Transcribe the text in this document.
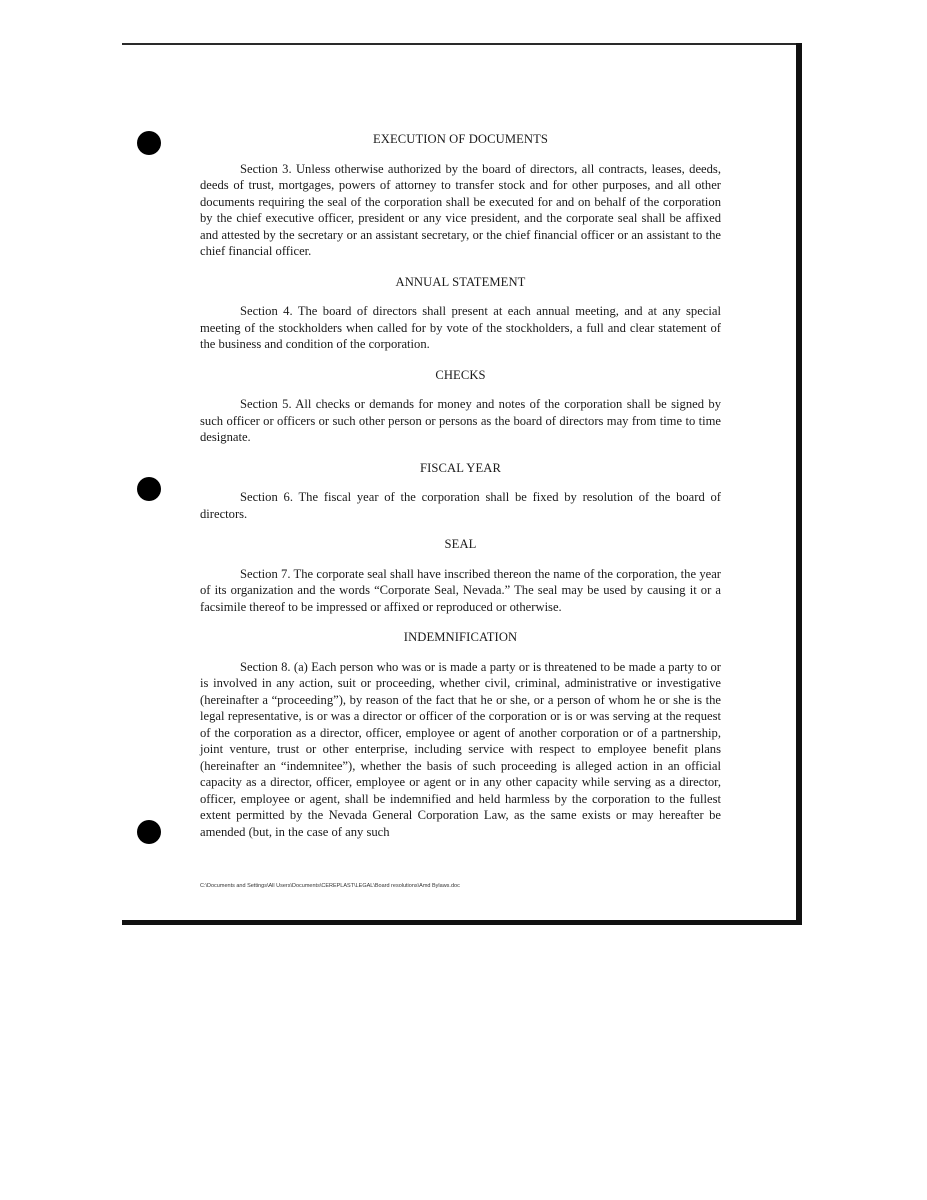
EXECUTION OF DOCUMENTS

Section 3. Unless otherwise authorized by the board of directors, all contracts, leases, deeds, deeds of trust, mortgages, powers of attorney to transfer stock and for other purposes, and all other documents requiring the seal of the corporation shall be executed for and on behalf of the corporation by the chief executive officer, president or any vice president, and the corporate seal shall be affixed and attested by the secretary or an assistant secretary, or the chief financial officer or an assistant to the chief financial officer.

ANNUAL STATEMENT

Section 4. The board of directors shall present at each annual meeting, and at any special meeting of the stockholders when called for by vote of the stockholders, a full and clear statement of the business and condition of the corporation.

CHECKS

Section 5. All checks or demands for money and notes of the corporation shall be signed by such officer or officers or such other person or persons as the board of directors may from time to time designate.

FISCAL YEAR

Section 6. The fiscal year of the corporation shall be fixed by resolution of the board of directors.

SEAL

Section 7. The corporate seal shall have inscribed thereon the name of the corporation, the year of its organization and the words “Corporate Seal, Nevada.” The seal may be used by causing it or a facsimile thereof to be impressed or affixed or reproduced or otherwise.

INDEMNIFICATION

Section 8. (a) Each person who was or is made a party or is threatened to be made a party to or is involved in any action, suit or proceeding, whether civil, criminal, administrative or investigative (hereinafter a “proceeding”), by reason of the fact that he or she, or a person of whom he or she is the legal representative, is or was a director or officer of the corporation or is or was serving at the request of the corporation as a director, officer, employee or agent of another corporation or of a partnership, joint venture, trust or other enterprise, including service with respect to employee benefit plans (hereinafter an “indemnitee”), whether the basis of such proceeding is alleged action in an official capacity as a director, officer, employee or agent or in any other capacity while serving as a director, officer, employee or agent, shall be indemnified and held harmless by the corporation to the fullest extent permitted by the Nevada General Corporation Law, as the same exists or may hereafter be amended (but, in the case of any such

C:\Documents and Settings\All Users\Documents\CEREPLAST\LEGAL\Board resolutions\Amd Bylaws.doc
